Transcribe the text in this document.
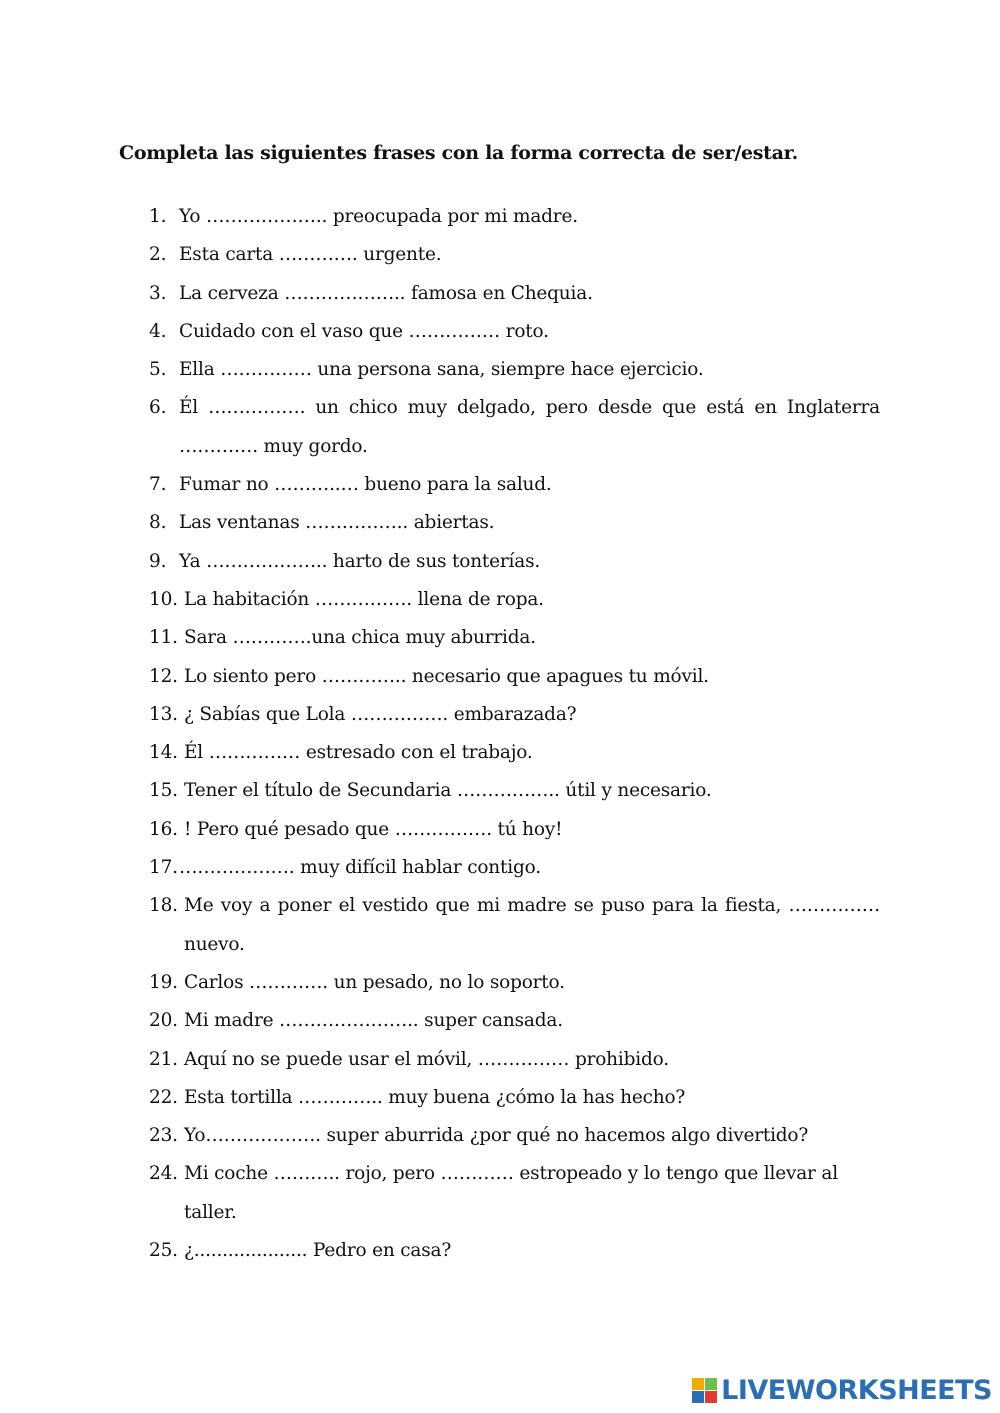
Completa las siguientes frases con la forma correcta de ser/estar.
1. Yo ……………….. preocupada por mi madre.
2. Esta carta …………. urgente.
3. La cerveza ……………….. famosa en Chequia.
4. Cuidado con el vaso que …………… roto.
5. Ella …………… una persona sana, siempre hace ejercicio.
6. Él ……………. un chico muy delgado, pero desde que está en Inglaterra …………. muy gordo.
7. Fumar no ………..… bueno para la salud.
8. Las ventanas …………….. abiertas.
9. Ya ……………….. harto de sus tonterías.
10. La habitación ……………. llena de ropa.
11. Sara ………….una chica muy aburrida.
12. Lo siento pero ………….. necesario que apagues tu móvil.
13. ¿ Sabías que Lola ……………. embarazada?
14. Él …………… estresado con el trabajo.
15. Tener el título de Secundaria …………….. útil y necesario.
16. ! Pero qué pesado que ……………. tú hoy!
17. ………………. muy difícil hablar contigo.
18. Me voy a poner el vestido que mi madre se puso para la fiesta, …………… nuevo.
19. Carlos …………. un pesado, no lo soporto.
20. Mi madre ………………….. super cansada.
21. Aquí no se puede usar el móvil, …………… prohibido.
22. Esta tortilla ………….. muy buena ¿cómo la has hecho?
23. Yo………………. super aburrida ¿por qué no hacemos algo divertido?
24. Mi coche ……….. rojo, pero ………… estropeado y lo tengo que llevar al taller.
25. ¿.................... Pedro en casa?
LIVEWORKSHEETS
